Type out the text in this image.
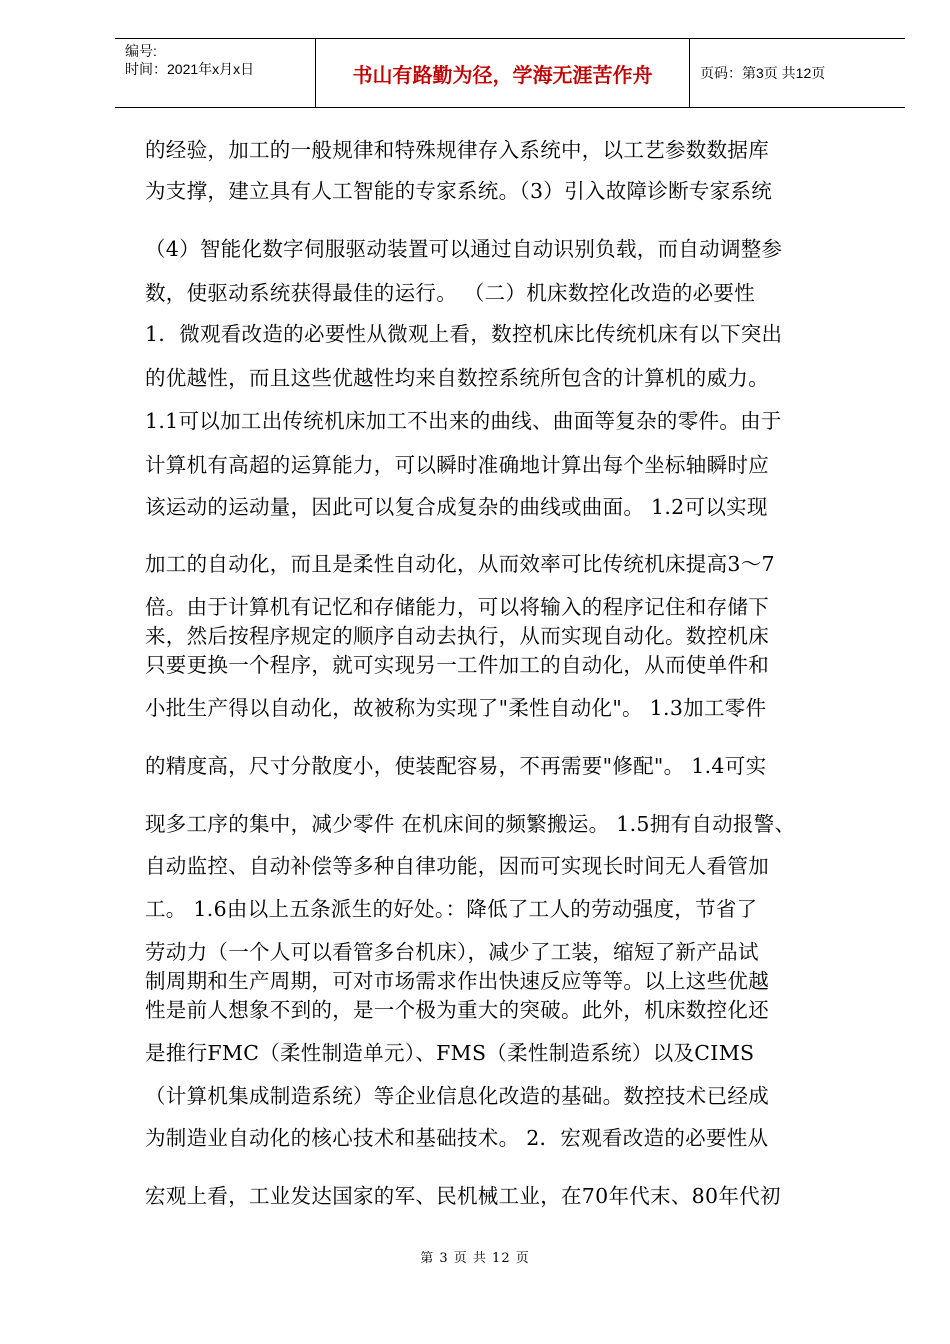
编号:
时间：2021年x月x日	书山有路勤为径，学海无涯苦作舟	页码：第3页 共12页
的经验，加工的一般规律和特殊规律存入系统中，以工艺参数数据库
为支撑，建立具有人工智能的专家系统。（3）引入故障诊断专家系统
（4）智能化数字伺服驱动装置可以通过自动识别负载，而自动调整参
数，使驱动系统获得最佳的运行。 （二）机床数控化改造的必要性
1．微观看改造的必要性从微观上看，数控机床比传统机床有以下突出
的优越性，而且这些优越性均来自数控系统所包含的计算机的威力。
1.1可以加工出传统机床加工不出来的曲线、曲面等复杂的零件。由于
计算机有高超的运算能力，可以瞬时准确地计算出每个坐标轴瞬时应
该运动的运动量，因此可以复合成复杂的曲线或曲面。 1.2可以实现
加工的自动化，而且是柔性自动化，从而效率可比传统机床提高3～7
倍。由于计算机有记忆和存储能力，可以将输入的程序记住和存储下
来，然后按程序规定的顺序自动去执行，从而实现自动化。数控机床
只要更换一个程序，就可实现另一工件加工的自动化，从而使单件和
小批生产得以自动化，故被称为实现了"柔性自动化"。 1.3加工零件
的精度高，尺寸分散度小，使装配容易，不再需要"修配"。 1.4可实
现多工序的集中，减少零件 在机床间的频繁搬运。 1.5拥有自动报警、
自动监控、自动补偿等多种自律功能，因而可实现长时间无人看管加
工。 1.6由以上五条派生的好处。：降低了工人的劳动强度，节省了
劳动力（一个人可以看管多台机床），减少了工装，缩短了新产品试
制周期和生产周期，可对市场需求作出快速反应等等。以上这些优越
性是前人想象不到的，是一个极为重大的突破。此外，机床数控化还
是推行FMC（柔性制造单元）、FMS（柔性制造系统）以及CIMS
（计算机集成制造系统）等企业信息化改造的基础。数控技术已经成
为制造业自动化的核心技术和基础技术。 2．宏观看改造的必要性从
宏观上看，工业发达国家的军、民机械工业，在70年代末、80年代初
第 3 页 共 12 页
